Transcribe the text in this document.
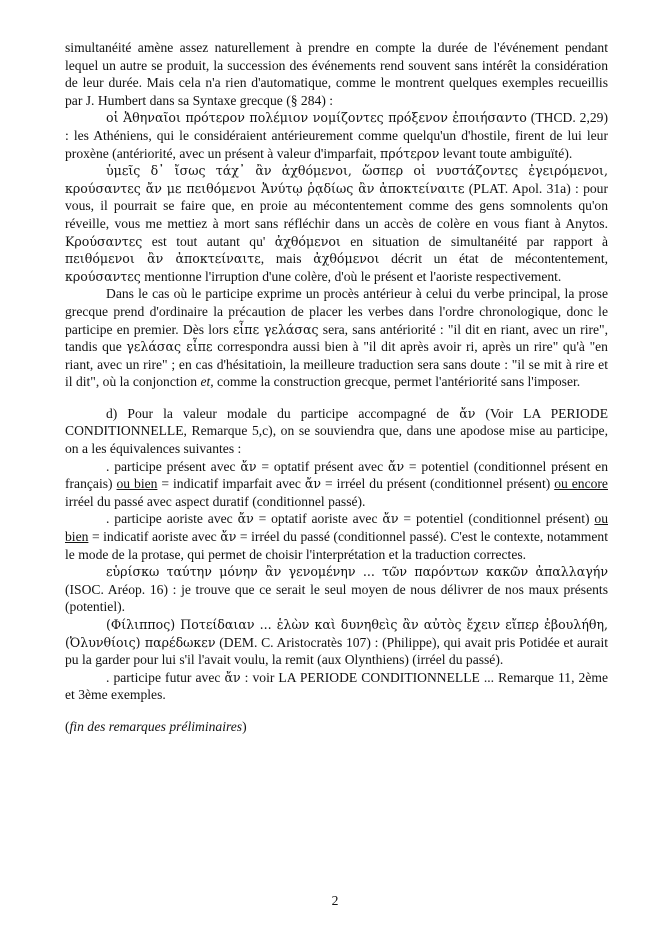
simultanéité amène assez naturellement à prendre en compte la durée de l'événement pendant lequel un autre se produit, la succession des événements rend souvent sans intérêt la considération de leur durée. Mais cela n'a rien d'automatique, comme le montrent quelques exemples recueillis par J. Humbert dans sa Syntaxe grecque (§ 284) :

οἱ Ἀθηναῖοι πρότερον πολέμιον νομίζοντες πρόξενον ἐποιήσαντο (THCD. 2,29) : les Athéniens, qui le considéraient antérieurement comme quelqu'un d'hostile, firent de lui leur proxène (antériorité, avec un présent à valeur d'imparfait, πρότερον levant toute ambiguïté).

ὑμεῖς δ᾽ ἴσως τάχ᾽ ἂν ἀχθόμενοι, ὥσπερ οἱ νυστάζοντες ἐγειρόμενοι, κρούσαντες ἄν με πειθόμενοι Ἀνύτῳ ῥᾳδίως ἂν ἀποκτείναιτε (PLAT. Apol. 31a) : pour vous, il pourrait se faire que, en proie au mécontentement comme des gens somnolents qu'on réveille, vous me mettiez à mort sans réfléchir dans un accès de colère en vous fiant à Anytos. Κρούσαντες est tout autant qu' ἀχθόμενοι en situation de simultanéité par rapport à πειθόμενοι ἂν ἀποκτείναιτε, mais ἀχθόμενοι décrit un état de mécontentement, κρούσαντες mentionne l'irruption d'une colère, d'où le présent et l'aoriste respectivement.

Dans le cas où le participe exprime un procès antérieur à celui du verbe principal, la prose grecque prend d'ordinaire la précaution de placer les verbes dans l'ordre chronologique, donc le participe en premier. Dès lors εἶπε γελάσας sera, sans antériorité : "il dit en riant, avec un rire", tandis que γελάσας εἶπε correspondra aussi bien à "il dit après avoir ri, après un rire" qu'à "en riant, avec un rire" ; en cas d'hésitatioin, la meilleure traduction sera sans doute : "il se mit à rire et il dit", où la conjonction et, comme la construction grecque, permet l'antériorité sans l'imposer.

d) Pour la valeur modale du participe accompagné de ἄν (Voir LA PERIODE CONDITIONNELLE, Remarque 5,c), on se souviendra que, dans une apodose mise au participe, on a les équivalences suivantes :

. participe présent avec ἄν = optatif présent avec ἄν = potentiel (conditionnel présent en français) ou bien = indicatif imparfait avec ἄν = irréel du présent (conditionnel présent) ou encore irréel du passé avec aspect duratif (conditionnel passé).

. participe aoriste avec ἄν = optatif aoriste avec ἄν = potentiel (conditionnel présent) ou bien = indicatif aoriste avec ἄν = irréel du passé (conditionnel passé). C'est le contexte, notamment le mode de la protase, qui permet de choisir l'interprétation et la traduction correctes.

εὑρίσκω ταύτην μόνην ἂν γενομένην ... τῶν παρόντων κακῶν ἀπαλλαγήν (ISOC. Aréop. 16) : je trouve que ce serait le seul moyen de nous délivrer de nos maux présents (potentiel).

(Φίλιππος) Ποτείδαιαν ... ἑλὼν καὶ δυνηθεὶς ἂν αὐτὸς ἔχειν εἴπερ ἐβουλήθη, (Ὀλυνθίοις) παρέδωκεν (DEM. C. Aristocratès 107) : (Philippe), qui avait pris Potidée et aurait pu la garder pour lui s'il l'avait voulu, la remit (aux Olynthiens) (irréel du passé).

. participe futur avec ἄν : voir LA PERIODE CONDITIONNELLE ... Remarque 11, 2ème et 3ème exemples.

(fin des remarques préliminaires)

2
